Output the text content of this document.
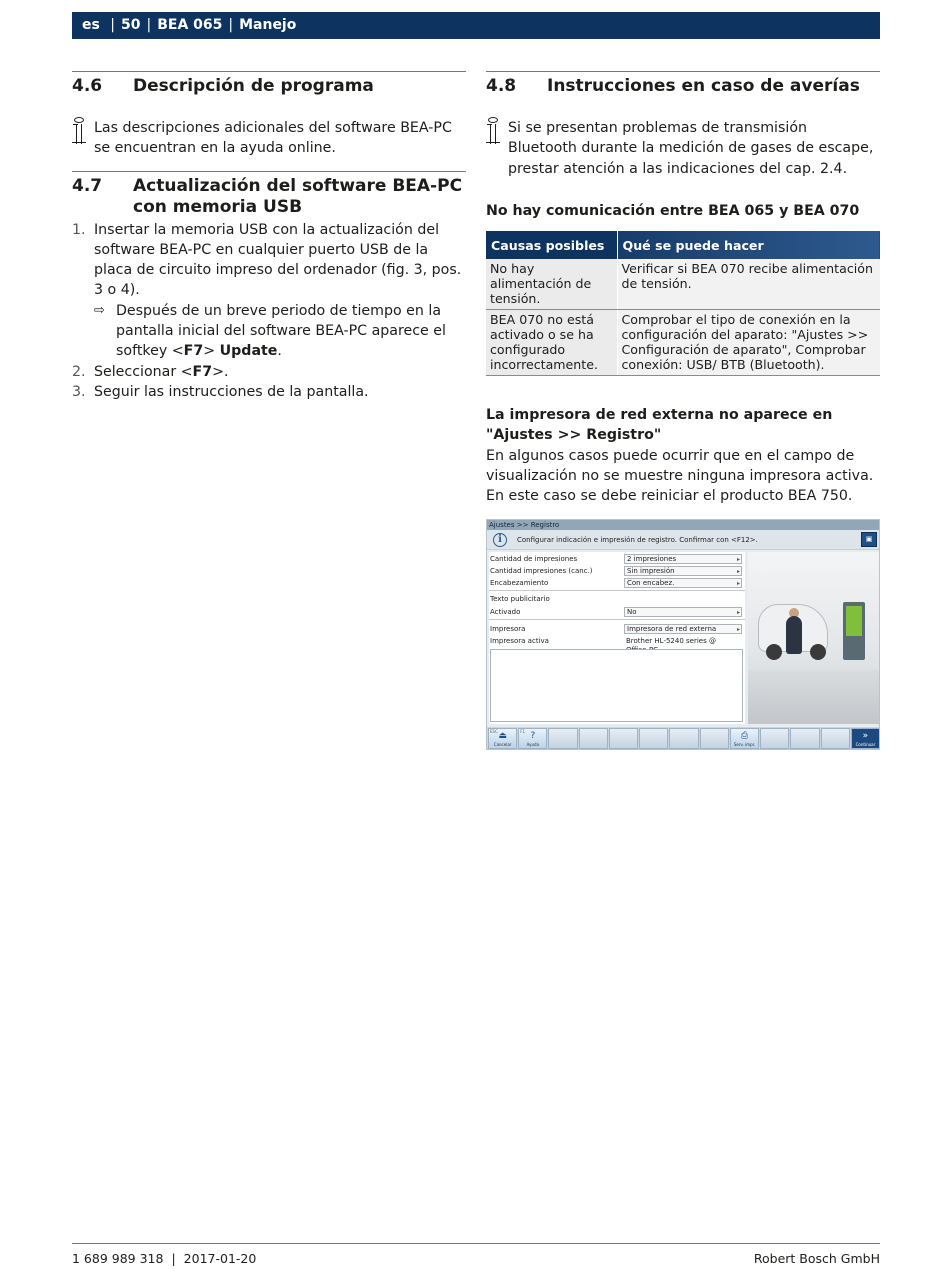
es | 50 | BEA 065 | Manejo
4.6	Descripción de programa
Las descripciones adicionales del software BEA-PC se encuentran en la ayuda online.
4.7	Actualización del software BEA-PC con memoria USB
1. Insertar la memoria USB con la actualización del software BEA-PC en cualquier puerto USB de la placa de circuito impreso del ordenador (fig. 3, pos. 3 o 4).
⇨ Después de un breve periodo de tiempo en la pantalla inicial del software BEA-PC aparece el softkey <F7> Update.
2. Seleccionar <F7>.
3. Seguir las instrucciones de la pantalla.
4.8	Instrucciones en caso de averías
Si se presentan problemas de transmisión Bluetooth durante la medición de gases de escape, prestar atención a las indicaciones del cap. 2.4.
No hay comunicación entre BEA 065 y BEA 070
Causas posibles	Qué se puede hacer
No hay alimentación de tensión.	Verificar si BEA 070 recibe alimentación de tensión.
BEA 070 no está activado o se ha configurado incorrectamente.	Comprobar el tipo de conexión en la configuración del aparato: "Ajustes >> Configuración de aparato", Comprobar conexión: USB/ BTB (Bluetooth).
La impresora de red externa no aparece en "Ajustes >> Registro"
En algunos casos puede ocurrir que en el campo de visualización no se muestre ninguna impresora activa. En este caso se debe reiniciar el producto BEA 750.
Ajustes >> Registro
i	Configurar indicación e impresión de registro. Confirmar con <F12>.	▣
Cantidad de impresiones	2 impresiones	▸
Cantidad impresiones (canc.)	Sin impresión	▸
Encabezamiento	Con encabez.	▸
Texto publicitario
Activado	No	▸
Impresora	Impresora de red externa	▸
Impresora activa	Brother HL-5240 series @
ESC ⏏
Cancelar
F1 ?
Ayuda
⎙
Serv. impr.
»
Continuar
1 689 989 318 | 2017-01-20	Robert Bosch GmbH
